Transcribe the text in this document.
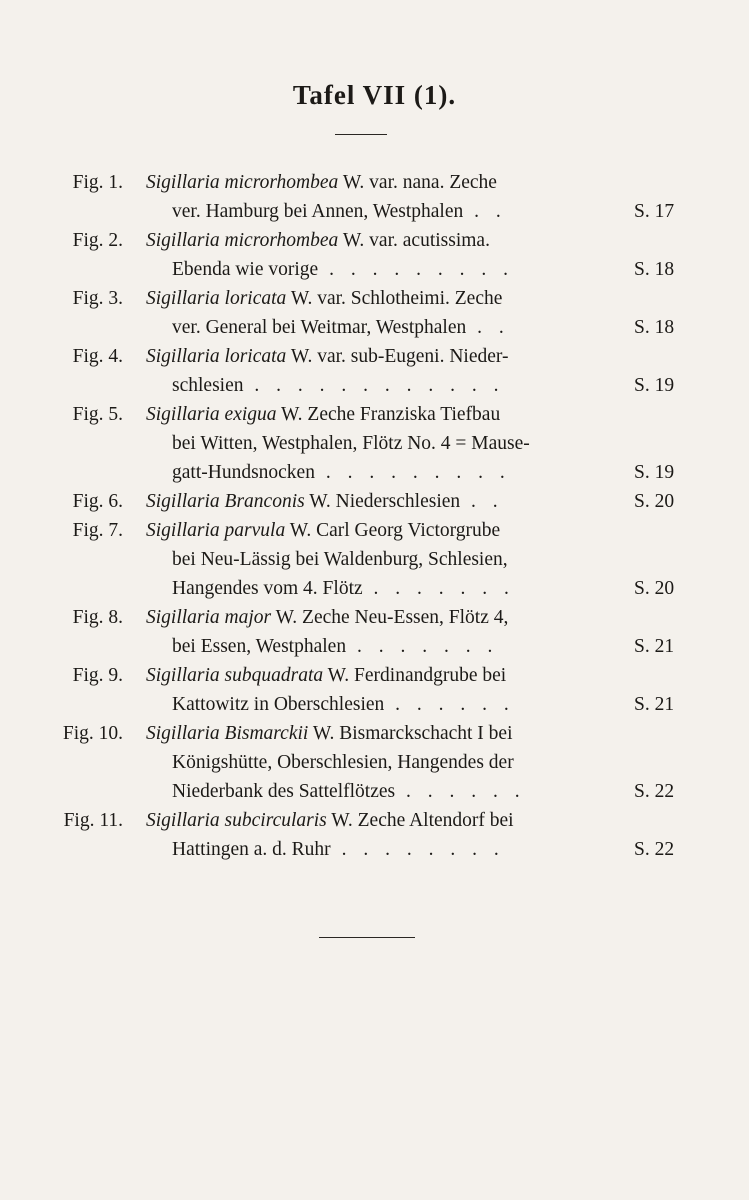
Tafel VII (1).
Fig. 1. Sigillaria microrhombea W. var. nana. Zeche
ver. Hamburg bei Annen, Westphalen . .	S. 17
Fig. 2. Sigillaria microrhombea W. var. acutissima.
Ebenda wie vorige . . . . . . . . .	S. 18
Fig. 3. Sigillaria loricata W. var. Schlotheimi. Zeche
ver. General bei Weitmar, Westphalen . .	S. 18
Fig. 4. Sigillaria loricata W. var. sub-Eugeni. Nieder-
schlesien . . . . . . . . . . . .	S. 19
Fig. 5. Sigillaria exigua W. Zeche Franziska Tiefbau
bei Witten, Westphalen, Flötz No. 4 = Mause-
gatt-Hundsnocken . . . . . . . . .	S. 19
Fig. 6. Sigillaria Branconis W. Niederschlesien . .	S. 20
Fig. 7. Sigillaria parvula W. Carl Georg Victorgrube
bei Neu-Lässig bei Waldenburg, Schlesien,
Hangendes vom 4. Flötz . . . . . . .	S. 20
Fig. 8. Sigillaria major W. Zeche Neu-Essen, Flötz 4,
bei Essen, Westphalen . . . . . . .	S. 21
Fig. 9. Sigillaria subquadrata W. Ferdinandgrube bei
Kattowitz in Oberschlesien . . . . . .	S. 21
Fig. 10. Sigillaria Bismarckii W. Bismarckschacht I bei
Königshütte, Oberschlesien, Hangendes der
Niederbank des Sattelflötzes . . . . . .	S. 22
Fig. 11. Sigillaria subcircularis W. Zeche Altendorf bei
Hattingen a. d. Ruhr . . . . . . . .	S. 22
